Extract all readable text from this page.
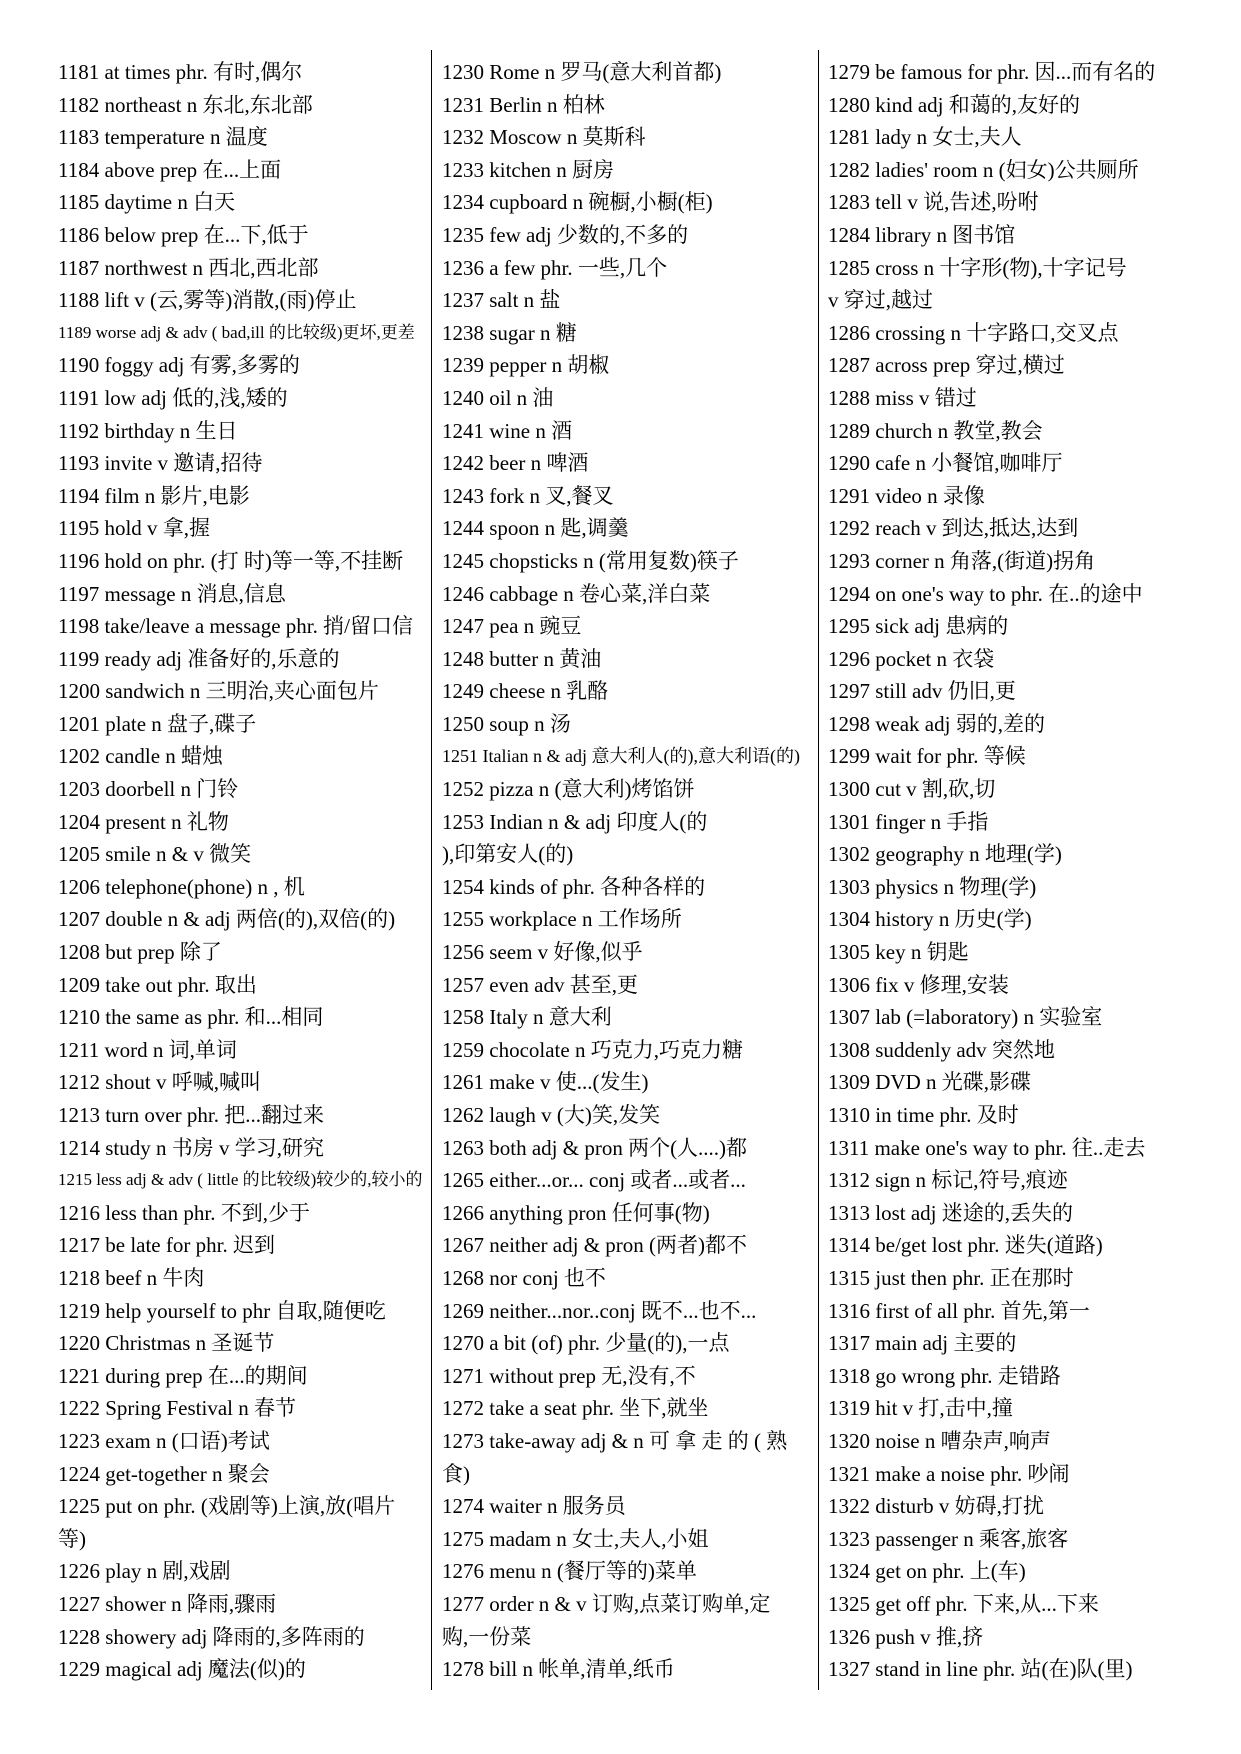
1181 at times phr. 有时,偶尔
1182 northeast n 东北,东北部
1183 temperature n 温度
1184 above prep 在...上面
1185 daytime n 白天
1186 below prep 在...下,低于
1187 northwest n 西北,西北部
1188 lift v (云,雾等)消散,(雨)停止
1189 worse adj & adv ( bad,ill 的比较级)更坏,更差
1190 foggy adj 有雾,多雾的
1191 low adj 低的,浅,矮的
1192 birthday n 生日
1193 invite v 邀请,招待
1194 film n 影片,电影
1195 hold v 拿,握
1196 hold on phr. (打 时)等一等,不挂断
1197 message n 消息,信息
1198 take/leave a message phr. 捎/留口信
1199 ready adj 准备好的,乐意的
1200 sandwich n 三明治,夹心面包片
1201 plate n 盘子,碟子
1202 candle n 蜡烛
1203 doorbell n 门铃
1204 present n 礼物
1205 smile n & v 微笑
1206 telephone(phone) n , 机
1207 double n & adj 两倍(的),双倍(的)
1208 but prep 除了
1209 take out phr. 取出
1210 the same as phr. 和...相同
1211 word n 词,单词
1212 shout v 呼喊,喊叫
1213 turn over phr. 把...翻过来
1214 study n 书房 v 学习,研究
1215 less adj & adv ( little 的比较级)较少的,较小的
1216 less than phr. 不到,少于
1217 be late for phr. 迟到
1218 beef n 牛肉
1219 help yourself to phr 自取,随便吃
1220 Christmas n 圣诞节
1221 during prep 在...的期间
1222 Spring Festival n 春节
1223 exam n (口语)考试
1224 get-together n 聚会
1225 put on phr. (戏剧等)上演,放(唱片
等)
1226 play n 剧,戏剧
1227 shower n 降雨,骤雨
1228 showery adj 降雨的,多阵雨的
1229 magical adj 魔法(似)的
1230 Rome n 罗马(意大利首都)
1231 Berlin n 柏林
1232 Moscow n 莫斯科
1233 kitchen n 厨房
1234 cupboard n 碗橱,小橱(柜)
1235 few adj 少数的,不多的
1236 a few phr. 一些,几个
1237 salt n 盐
1238 sugar n 糖
1239 pepper n 胡椒
1240 oil n 油
1241 wine n 酒
1242 beer n 啤酒
1243 fork n 叉,餐叉
1244 spoon n 匙,调羹
1245 chopsticks n (常用复数)筷子
1246 cabbage n 卷心菜,洋白菜
1247 pea n 豌豆
1248 butter n 黄油
1249 cheese n 乳酪
1250 soup n 汤
1251 Italian n & adj 意大利人(的),意大利语(的)
1252 pizza n (意大利)烤馅饼
1253 Indian n & adj 印度人(的
),印第安人(的)
1254 kinds of phr. 各种各样的
1255 workplace n 工作场所
1256 seem v 好像,似乎
1257 even adv 甚至,更
1258 Italy n 意大利
1259 chocolate n 巧克力,巧克力糖
1261 make v 使...(发生)
1262 laugh v (大)笑,发笑
1263 both adj & pron 两个(人....)都
1265 either...or... conj 或者...或者...
1266 anything pron 任何事(物)
1267 neither adj & pron (两者)都不
1268 nor conj 也不
1269 neither...nor..conj 既不...也不...
1270 a bit (of) phr. 少量(的),一点
1271 without prep 无,没有,不
1272 take a seat phr. 坐下,就坐
1273 take-away adj & n 可 拿 走 的 ( 熟
食)
1274 waiter n 服务员
1275 madam n 女士,夫人,小姐
1276 menu n (餐厅等的)菜单
1277 order n & v 订购,点菜订购单,定
购,一份菜
1278 bill n 帐单,清单,纸币
1279 be famous for phr. 因...而有名的
1280 kind adj 和蔼的,友好的
1281 lady n 女士,夫人
1282 ladies' room n (妇女)公共厕所
1283 tell v 说,告述,吩咐
1284 library n 图书馆
1285 cross n 十字形(物),十字记号
v 穿过,越过
1286 crossing n 十字路口,交叉点
1287 across prep 穿过,横过
1288 miss v 错过
1289 church n 教堂,教会
1290 cafe n 小餐馆,咖啡厅
1291 video n 录像
1292 reach v 到达,抵达,达到
1293 corner n 角落,(街道)拐角
1294 on one's way to phr. 在..的途中
1295 sick adj 患病的
1296 pocket n 衣袋
1297 still adv 仍旧,更
1298 weak adj 弱的,差的
1299 wait for phr. 等候
1300 cut v 割,砍,切
1301 finger n 手指
1302 geography n 地理(学)
1303 physics n 物理(学)
1304 history n 历史(学)
1305 key n 钥匙
1306 fix v 修理,安装
1307 lab (=laboratory) n 实验室
1308 suddenly adv 突然地
1309 DVD n 光碟,影碟
1310 in time phr. 及时
1311 make one's way to phr. 往..走去
1312 sign n 标记,符号,痕迹
1313 lost adj 迷途的,丢失的
1314 be/get lost phr. 迷失(道路)
1315 just then phr. 正在那时
1316 first of all phr. 首先,第一
1317 main adj 主要的
1318 go wrong phr. 走错路
1319 hit v 打,击中,撞
1320 noise n 嘈杂声,响声
1321 make a noise phr. 吵闹
1322 disturb v 妨碍,打扰
1323 passenger n 乘客,旅客
1324 get on phr. 上(车)
1325 get off phr. 下来,从...下来
1326 push v 推,挤
1327 stand in line phr. 站(在)队(里)
